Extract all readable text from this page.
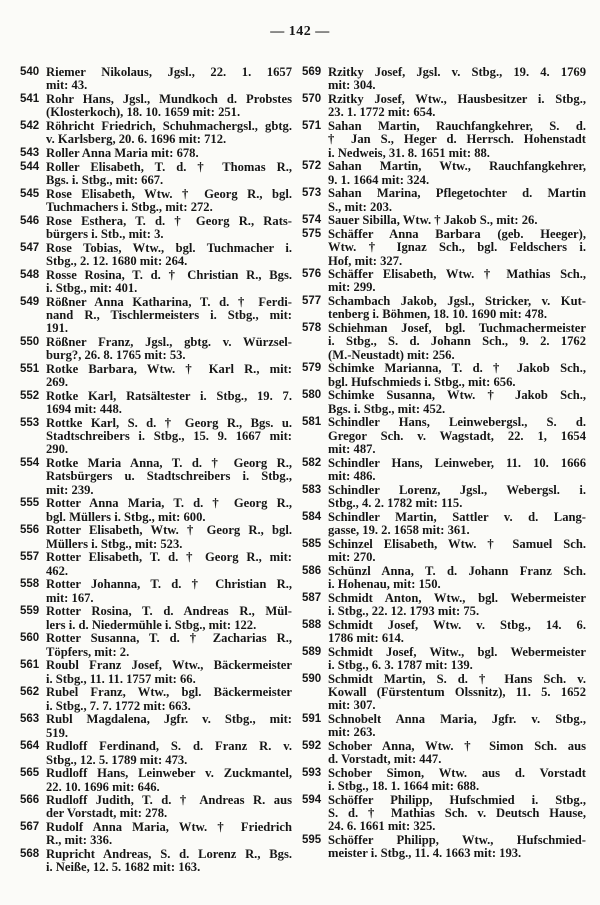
— 142 —
540 Riemer Nikolaus, Jgsl., 22. 1. 1657
mit: 43.
541 Rohr Hans, Jgsl., Mundkoch d. Probstes
(Klosterkoch), 18. 10. 1659 mit: 251.
542 Röhricht Friedrich, Schuhmachergsl., gbtg.
v. Karlsberg, 20. 6. 1696 mit: 712.
543 Roller Anna Maria mit: 678.
544 Roller Elisabeth, T. d. † Thomas R.,
Bgs. i. Stbg., mit: 667.
545 Rose Elisabeth, Wtw. † Georg R., bgl.
Tuchmachers i. Stbg., mit: 272.
546 Rose Esthera, T. d. † Georg R., Rats-
bürgers i. Stb., mit: 3.
547 Rose Tobias, Wtw., bgl. Tuchmacher i.
Stbg., 2. 12. 1680 mit: 264.
548 Rosse Rosina, T. d. † Christian R., Bgs.
i. Stbg., mit: 401.
549 Rößner Anna Katharina, T. d. † Ferdi-
nand R., Tischlermeisters i. Stbg., mit:
191.
550 Rößner Franz, Jgsl., gbtg. v. Würzsel-
burg?, 26. 8. 1765 mit: 53.
551 Rotke Barbara, Wtw. † Karl R., mit:
269.
552 Rotke Karl, Ratsältester i. Stbg., 19. 7.
1694 mit: 448.
553 Rottke Karl, S. d. † Georg R., Bgs. u.
Stadtschreibers i. Stbg., 15. 9. 1667 mit:
290.
554 Rotke Maria Anna, T. d. † Georg R.,
Ratsbürgers u. Stadtschreibers i. Stbg.,
mit: 239.
555 Rotter Anna Maria, T. d. † Georg R.,
bgl. Müllers i. Stbg., mit: 600.
556 Rotter Elisabeth, Wtw. † Georg R., bgl.
Müllers i. Stbg., mit: 523.
557 Rotter Elisabeth, T. d. † Georg R., mit:
462.
558 Rotter Johanna, T. d. † Christian R.,
mit: 167.
559 Rotter Rosina, T. d. Andreas R., Mül-
lers i. d. Niedermühle i. Stbg., mit: 122.
560 Rotter Susanna, T. d. † Zacharias R.,
Töpfers, mit: 2.
561 Roubl Franz Josef, Wtw., Bäckermeister
i. Stbg., 11. 11. 1757 mit: 66.
562 Rubel Franz, Wtw., bgl. Bäckermeister
i. Stbg., 7. 7. 1772 mit: 663.
563 Rubl Magdalena, Jgfr. v. Stbg., mit:
519.
564 Rudloff Ferdinand, S. d. Franz R. v.
Stbg., 12. 5. 1789 mit: 473.
565 Rudloff Hans, Leinweber v. Zuckmantel,
22. 10. 1696 mit: 646.
566 Rudloff Judith, T. d. † Andreas R. aus
der Vorstadt, mit: 278.
567 Rudolf Anna Maria, Wtw. † Friedrich
R., mit: 336.
568 Rupricht Andreas, S. d. Lorenz R., Bgs.
i. Neiße, 12. 5. 1682 mit: 163.
569 Rzitky Josef, Jgsl. v. Stbg., 19. 4. 1769
mit: 304.
570 Rzitky Josef, Wtw., Hausbesitzer i. Stbg.,
23. 1. 1772 mit: 654.
571 Sahan Martin, Rauchfangkehrer, S. d.
† Jan S., Heger d. Herrsch. Hohenstadt
i. Nedweis, 31. 8. 1651 mit: 88.
572 Sahan Martin, Wtw., Rauchfangkehrer,
9. 1. 1664 mit: 324.
573 Sahan Marina, Pflegetochter d. Martin
S., mit: 203.
574 Sauer Sibilla, Wtw. † Jakob S., mit: 26.
575 Schäffer Anna Barbara (geb. Heeger),
Wtw. † Ignaz Sch., bgl. Feldschers i.
Hof, mit: 327.
576 Schäffer Elisabeth, Wtw. † Mathias Sch.,
mit: 299.
577 Schambach Jakob, Jgsl., Stricker, v. Kut-
tenberg i. Böhmen, 18. 10. 1690 mit: 478.
578 Schiehman Josef, bgl. Tuchmachermeister
i. Stbg., S. d. Johann Sch., 9. 2. 1762
(M.-Neustadt) mit: 256.
579 Schimke Marianna, T. d. † Jakob Sch.,
bgl. Hufschmieds i. Stbg., mit: 656.
580 Schimke Susanna, Wtw. † Jakob Sch.,
Bgs. i. Stbg., mit: 452.
581 Schindler Hans, Leinwebergsl., S. d.
Gregor Sch. v. Wagstadt, 22. 1, 1654
mit: 487.
582 Schindler Hans, Leinweber, 11. 10. 1666
mit: 486.
583 Schindler Lorenz, Jgsl., Webergsl. i.
Stbg., 4. 2. 1782 mit: 115.
584 Schindler Martin, Sattler v. d. Lang-
gasse, 19. 2. 1658 mit: 361.
585 Schinzel Elisabeth, Wtw. † Samuel Sch.
mit: 270.
586 Schünzl Anna, T. d. Johann Franz Sch.
i. Hohenau, mit: 150.
587 Schmidt Anton, Wtw., bgl. Webermeister
i. Stbg., 22. 12. 1793 mit: 75.
588 Schmidt Josef, Wtw. v. Stbg., 14. 6.
1786 mit: 614.
589 Schmidt Josef, Witw., bgl. Webermeister
i. Stbg., 6. 3. 1787 mit: 139.
590 Schmidt Martin, S. d. † Hans Sch. v.
Kowall (Fürstentum Olssnitz), 11. 5. 1652
mit: 307.
591 Schnobelt Anna Maria, Jgfr. v. Stbg.,
mit: 263.
592 Schober Anna, Wtw. † Simon Sch. aus
d. Vorstadt, mit: 447.
593 Schober Simon, Wtw. aus d. Vorstadt
i. Stbg., 18. 1. 1664 mit: 688.
594 Schöffer Philipp, Hufschmied i. Stbg.,
S. d. † Mathias Sch. v. Deutsch Hause,
24. 6. 1661 mit: 325.
595 Schöffer Philipp, Wtw., Hufschmied-
meister i. Stbg., 11. 4. 1663 mit: 193.
